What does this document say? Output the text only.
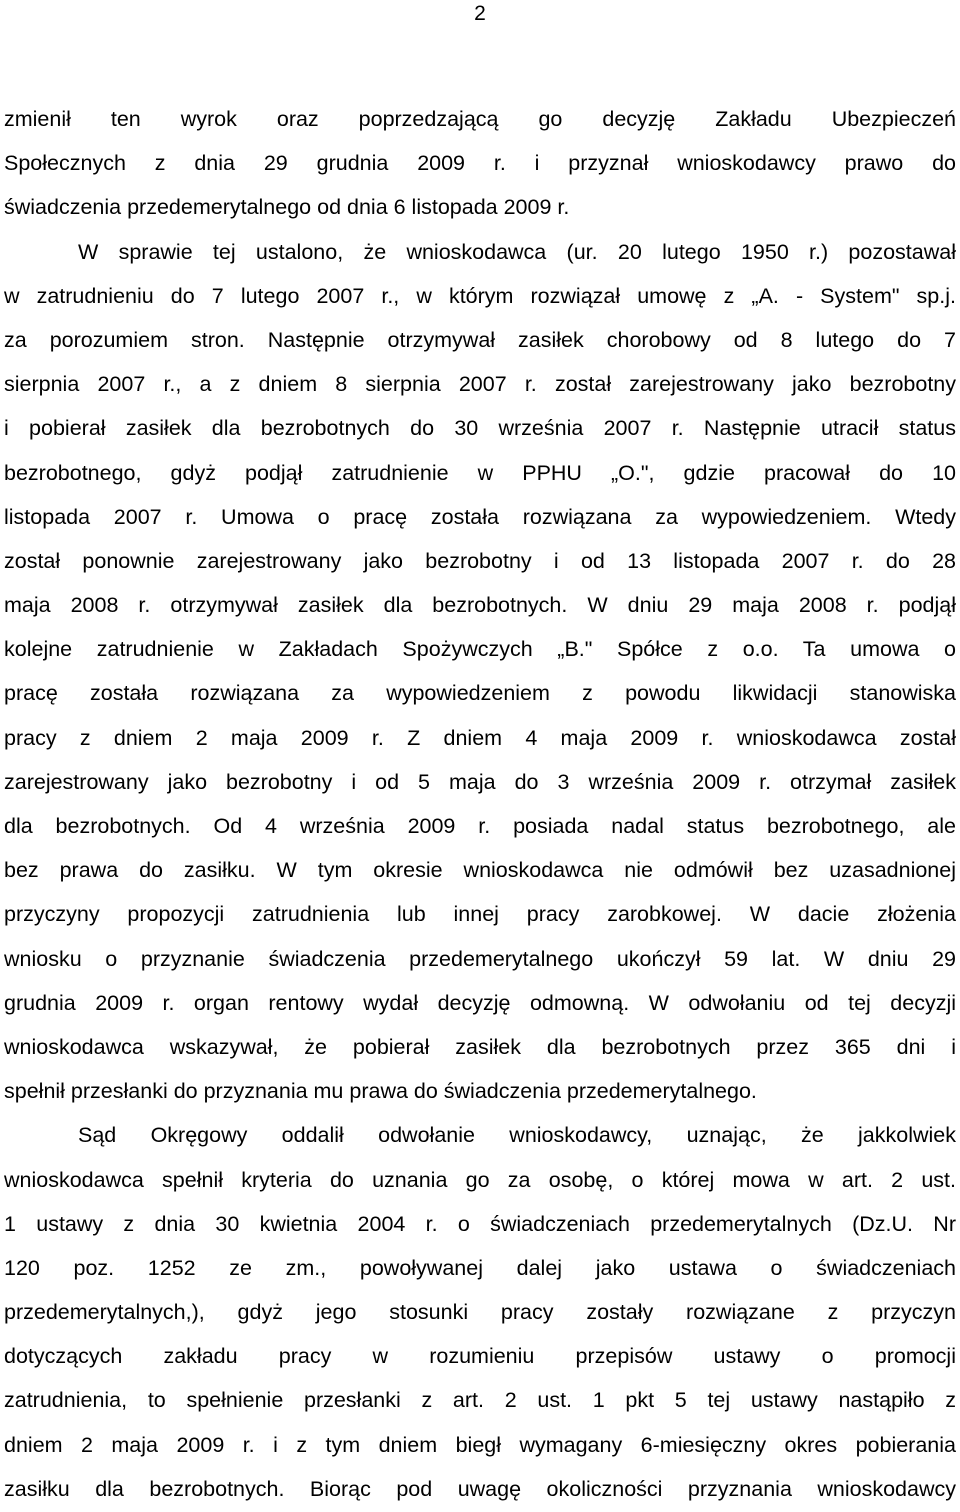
2
zmienił ten wyrok oraz poprzedzającą go decyzję Zakładu Ubezpieczeń
Społecznych z dnia 29 grudnia 2009 r. i przyznał wnioskodawcy prawo do
świadczenia przedemerytalnego od dnia 6 listopada 2009 r.
W sprawie tej ustalono, że wnioskodawca (ur. 20 lutego 1950 r.) pozostawał
w zatrudnieniu do 7 lutego 2007 r., w którym rozwiązał umowę z „A. - System" sp.j.
za porozumiem stron. Następnie otrzymywał zasiłek chorobowy od 8 lutego do 7
sierpnia 2007 r., a z dniem 8 sierpnia 2007 r. został zarejestrowany jako bezrobotny
i pobierał zasiłek dla bezrobotnych do 30 września 2007 r. Następnie utracił status
bezrobotnego, gdyż podjął zatrudnienie w PPHU „O.", gdzie pracował do 10
listopada 2007 r. Umowa o pracę została rozwiązana za wypowiedzeniem. Wtedy
został ponownie zarejestrowany jako bezrobotny i od 13 listopada 2007 r. do 28
maja 2008 r. otrzymywał zasiłek dla bezrobotnych. W dniu 29 maja 2008 r. podjął
kolejne zatrudnienie w Zakładach Spożywczych „B." Spółce z o.o. Ta umowa o
pracę została rozwiązana za wypowiedzeniem z powodu likwidacji stanowiska
pracy z dniem 2 maja 2009 r. Z dniem 4 maja 2009 r. wnioskodawca został
zarejestrowany jako bezrobotny i od 5 maja do 3 września 2009 r. otrzymał zasiłek
dla bezrobotnych. Od 4 września 2009 r. posiada nadal status bezrobotnego, ale
bez prawa do zasiłku. W tym okresie wnioskodawca nie odmówił bez uzasadnionej
przyczyny propozycji zatrudnienia lub innej pracy zarobkowej. W dacie złożenia
wniosku o przyznanie świadczenia przedemerytalnego ukończył 59 lat. W dniu 29
grudnia 2009 r. organ rentowy wydał decyzję odmowną. W odwołaniu od tej decyzji
wnioskodawca wskazywał, że pobierał zasiłek dla bezrobotnych przez 365 dni i
spełnił przesłanki do przyznania mu prawa do świadczenia przedemerytalnego.
Sąd Okręgowy oddalił odwołanie wnioskodawcy, uznając, że jakkolwiek
wnioskodawca spełnił kryteria do uznania go za osobę, o której mowa w art. 2 ust.
1 ustawy z dnia 30 kwietnia 2004 r. o świadczeniach przedemerytalnych (Dz.U. Nr
120 poz. 1252 ze zm., powoływanej dalej jako ustawa o świadczeniach
przedemerytalnych,), gdyż jego stosunki pracy zostały rozwiązane z przyczyn
dotyczących zakładu pracy w rozumieniu przepisów ustawy o promocji
zatrudnienia, to spełnienie przesłanki z art. 2 ust. 1 pkt 5 tej ustawy nastąpiło z
dniem 2 maja 2009 r. i z tym dniem biegł wymagany 6-miesięczny okres pobierania
zasiłku dla bezrobotnych. Biorąc pod uwagę okoliczności przyznania wnioskodawcy
